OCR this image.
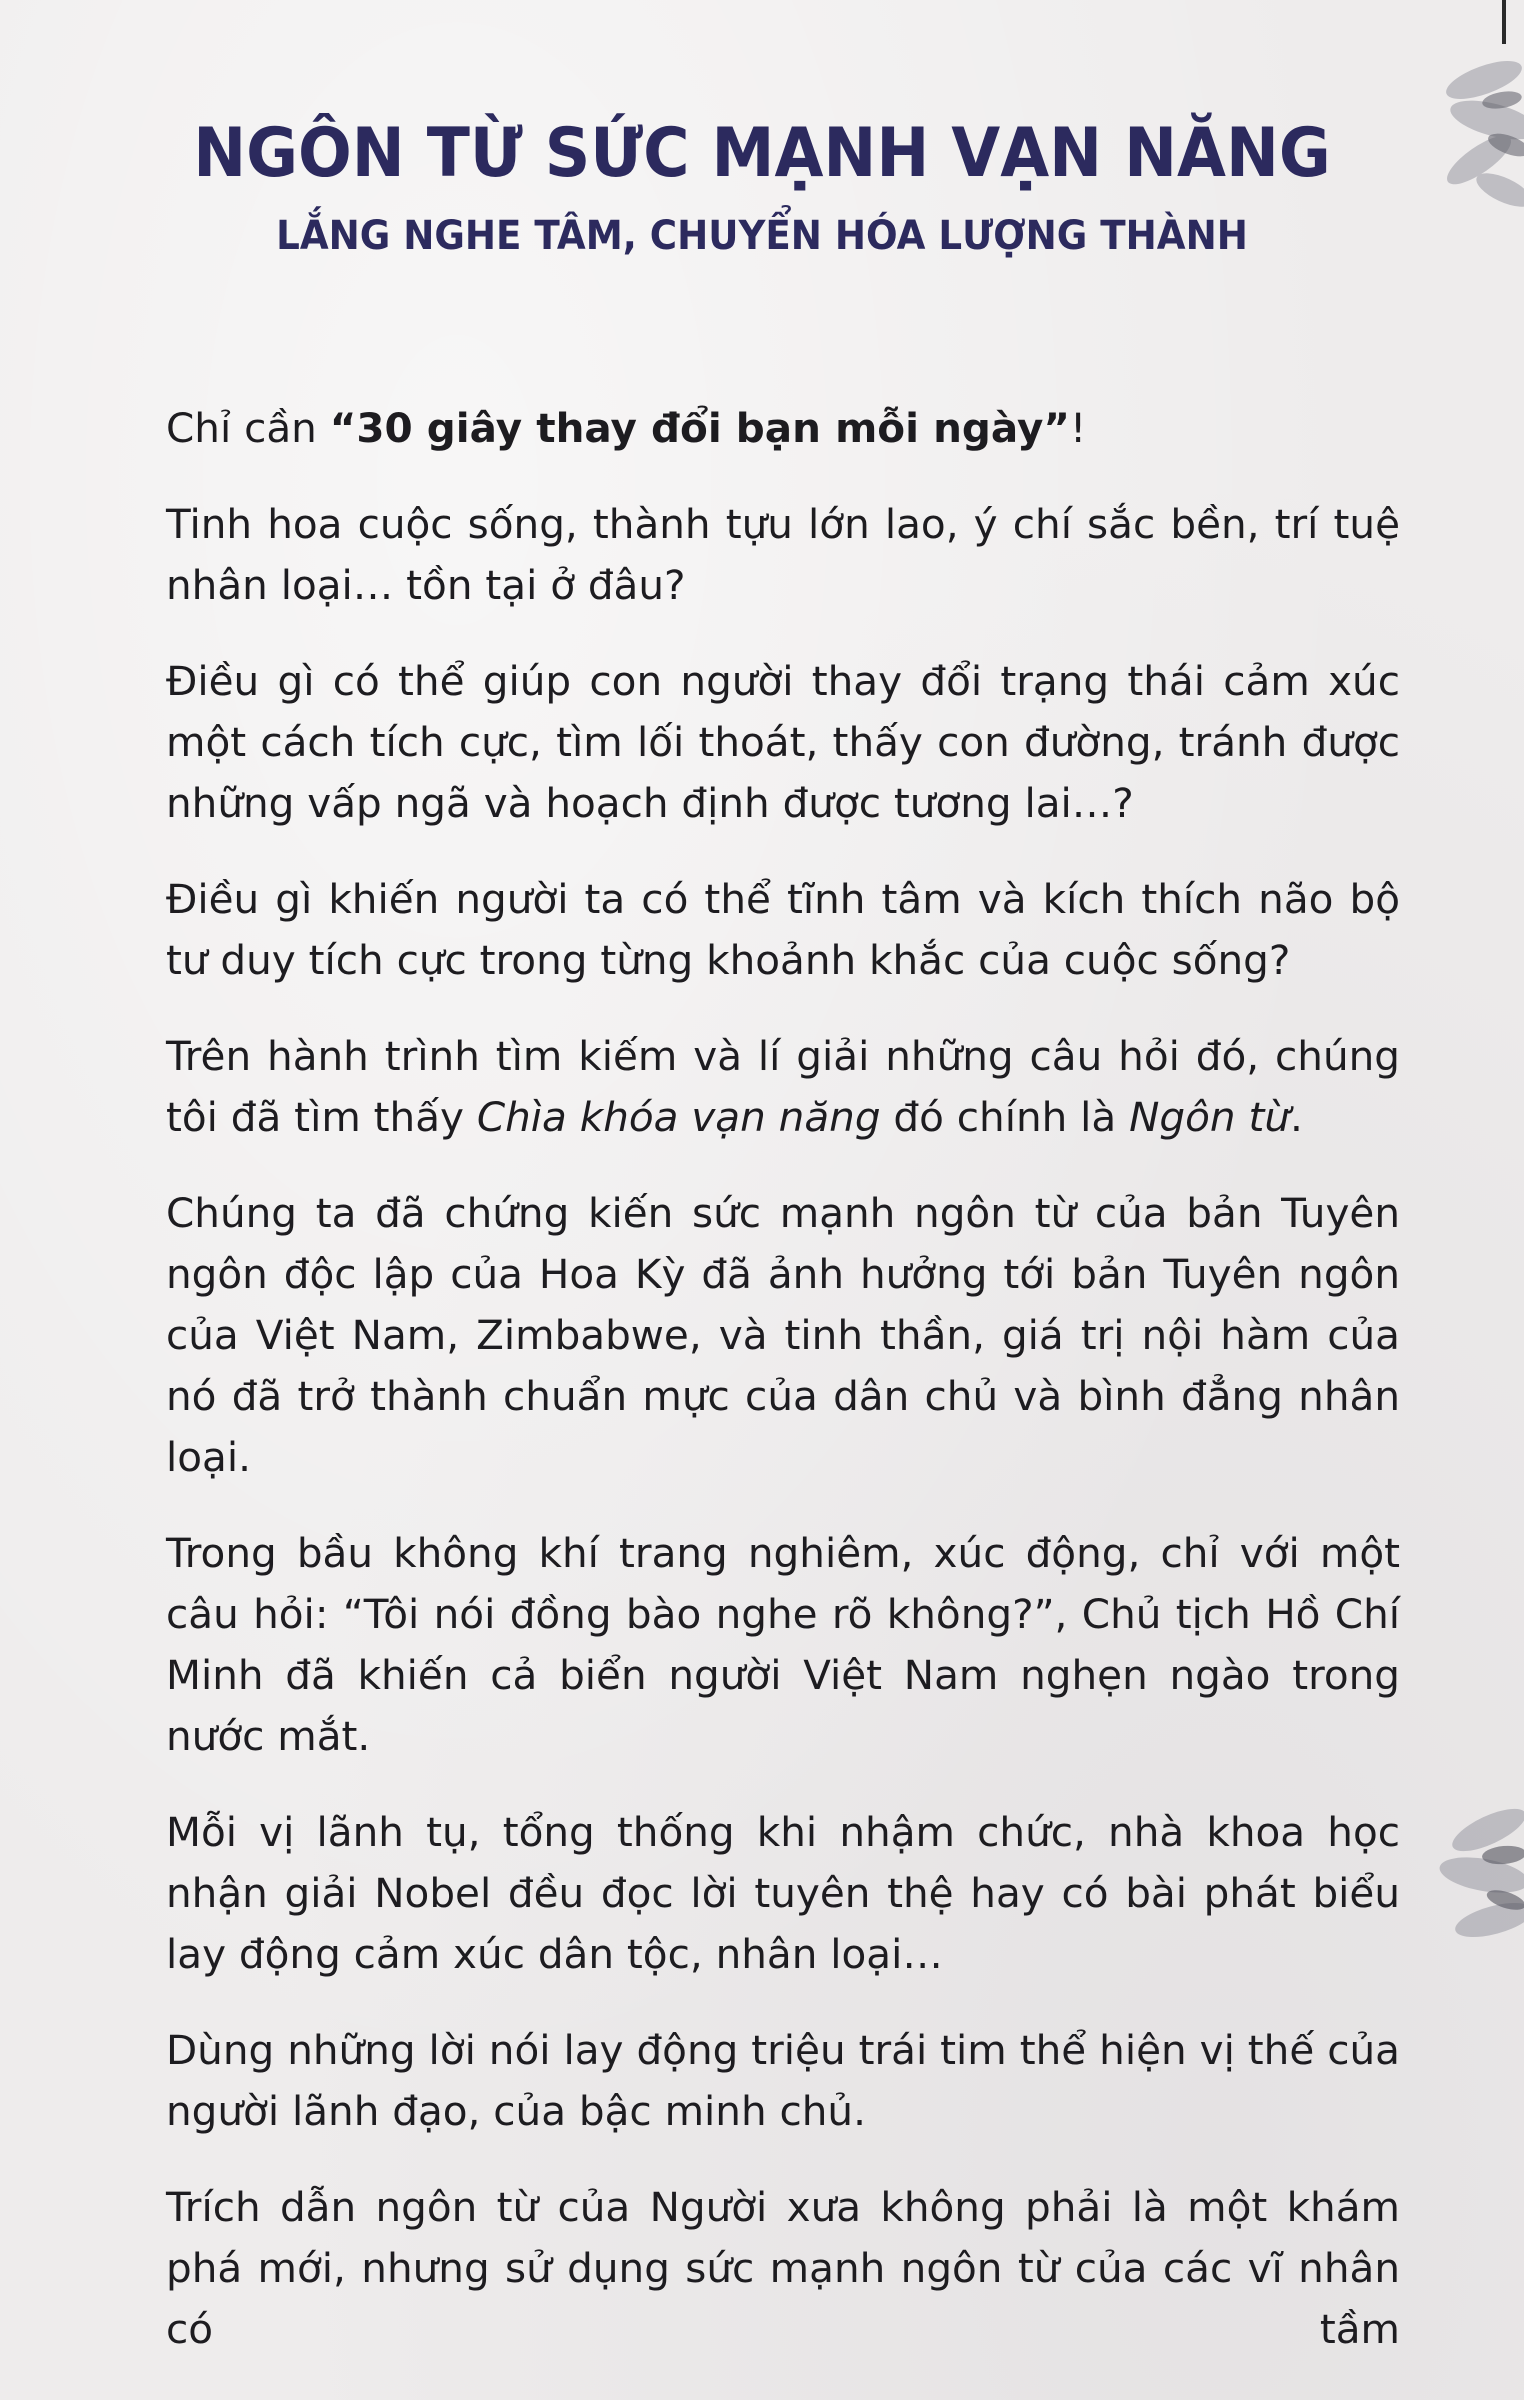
NGÔN TỪ SỨC MẠNH VẠN NĂNG
LẮNG NGHE TÂM, CHUYỂN HÓA LƯỢNG THÀNH

Chỉ cần “30 giây thay đổi bạn mỗi ngày”!

Tinh hoa cuộc sống, thành tựu lớn lao, ý chí sắc bền, trí tuệ nhân loại… tồn tại ở đâu?

Điều gì có thể giúp con người thay đổi trạng thái cảm xúc một cách tích cực, tìm lối thoát, thấy con đường, tránh được những vấp ngã và hoạch định được tương lai…?

Điều gì khiến người ta có thể tĩnh tâm và kích thích não bộ tư duy tích cực trong từng khoảnh khắc của cuộc sống?

Trên hành trình tìm kiếm và lí giải những câu hỏi đó, chúng tôi đã tìm thấy Chìa khóa vạn năng đó chính là Ngôn từ.

Chúng ta đã chứng kiến sức mạnh ngôn từ của bản Tuyên ngôn độc lập của Hoa Kỳ đã ảnh hưởng tới bản Tuyên ngôn của Việt Nam, Zimbabwe, và tinh thần, giá trị nội hàm của nó đã trở thành chuẩn mực của dân chủ và bình đẳng nhân loại.

Trong bầu không khí trang nghiêm, xúc động, chỉ với một câu hỏi: “Tôi nói đồng bào nghe rõ không?”, Chủ tịch Hồ Chí Minh đã khiến cả biển người Việt Nam nghẹn ngào trong nước mắt.

Mỗi vị lãnh tụ, tổng thống khi nhậm chức, nhà khoa học nhận giải Nobel đều đọc lời tuyên thệ hay có bài phát biểu lay động cảm xúc dân tộc, nhân loại…

Dùng những lời nói lay động triệu trái tim thể hiện vị thế của người lãnh đạo, của bậc minh chủ.

Trích dẫn ngôn từ của Người xưa không phải là một khám phá mới, nhưng sử dụng sức mạnh ngôn từ của các vĩ nhân có tầm
